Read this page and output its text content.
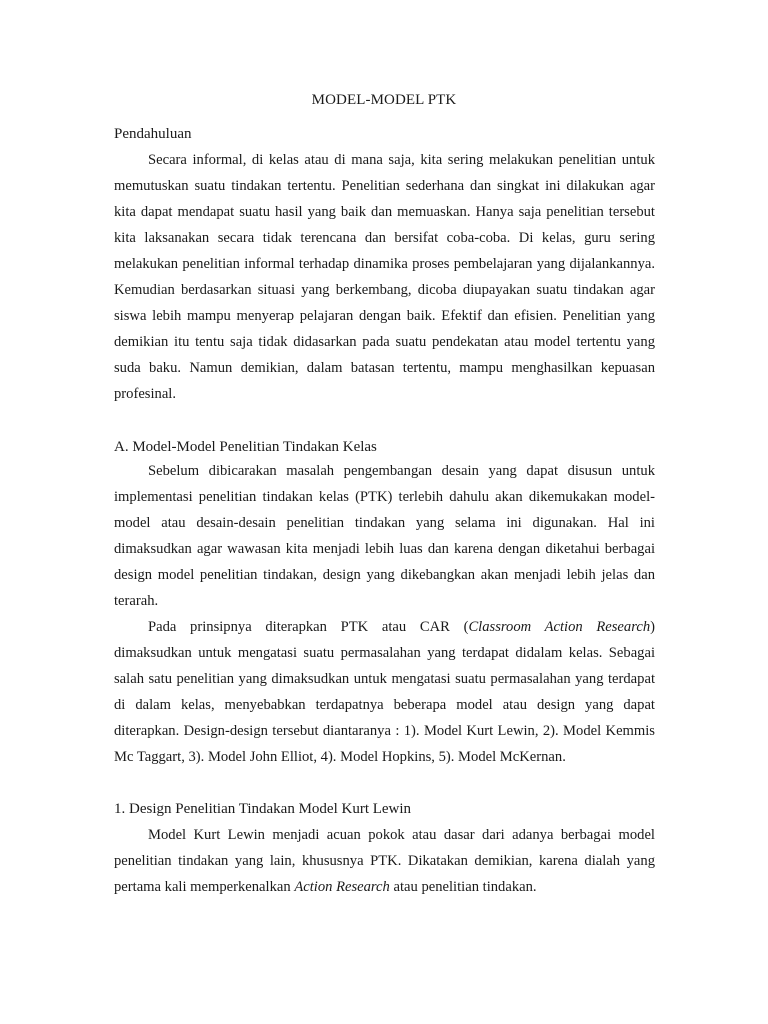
MODEL-MODEL PTK
Pendahuluan

Secara informal, di kelas atau di mana saja, kita sering melakukan penelitian untuk memutuskan suatu tindakan tertentu. Penelitian sederhana dan singkat ini dilakukan agar kita dapat mendapat suatu hasil yang baik dan memuaskan. Hanya saja penelitian tersebut kita laksanakan secara tidak terencana dan bersifat coba-coba. Di kelas, guru sering melakukan penelitian informal terhadap dinamika proses pembelajaran yang dijalankannya. Kemudian berdasarkan situasi yang berkembang, dicoba diupayakan suatu tindakan agar siswa lebih mampu menyerap pelajaran dengan baik. Efektif dan efisien. Penelitian yang demikian itu tentu saja tidak didasarkan pada suatu pendekatan atau model tertentu yang suda baku. Namun demikian, dalam batasan tertentu, mampu menghasilkan kepuasan profesinal.

A. Model-Model Penelitian Tindakan Kelas

Sebelum dibicarakan masalah pengembangan desain yang dapat disusun untuk implementasi penelitian tindakan kelas (PTK) terlebih dahulu akan dikemukakan model-model atau desain-desain penelitian tindakan yang selama ini digunakan. Hal ini dimaksudkan agar wawasan kita menjadi lebih luas dan karena dengan diketahui berbagai design model penelitian tindakan, design yang dikebangkan akan menjadi lebih jelas dan terarah.

Pada prinsipnya diterapkan PTK atau CAR (Classroom Action Research) dimaksudkan untuk mengatasi suatu permasalahan yang terdapat didalam kelas. Sebagai salah satu penelitian yang dimaksudkan untuk mengatasi suatu permasalahan yang terdapat di dalam kelas, menyebabkan terdapatnya beberapa model atau design yang dapat diterapkan. Design-design tersebut diantaranya : 1). Model Kurt Lewin, 2). Model Kemmis Mc Taggart, 3). Model John Elliot, 4). Model Hopkins, 5). Model McKernan.

1. Design Penelitian Tindakan Model Kurt Lewin

Model Kurt Lewin menjadi acuan pokok atau dasar dari adanya berbagai model penelitian tindakan yang lain, khususnya PTK. Dikatakan demikian, karena dialah yang pertama kali memperkenalkan Action Research atau penelitian tindakan.
